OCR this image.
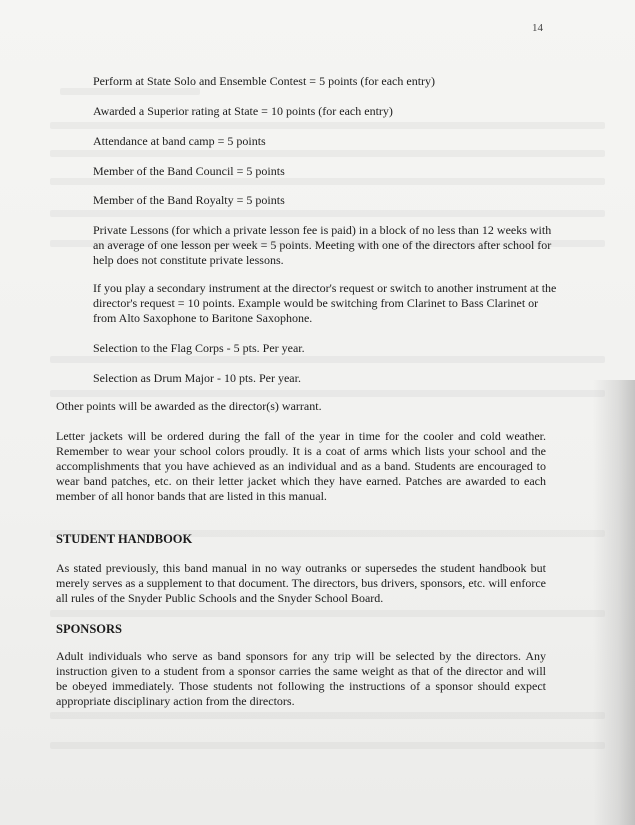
14
Perform at State Solo and Ensemble Contest = 5 points (for each entry)
Awarded a Superior rating at State = 10 points (for each entry)
Attendance at band camp = 5 points
Member of the Band Council = 5 points
Member of the Band Royalty = 5 points
Private Lessons (for which a private lesson fee is paid) in a block of no less than 12 weeks with an average of one lesson per week = 5 points. Meeting with one of the directors after school for help does not constitute private lessons.
If you play a secondary instrument at the director's request or switch to another instrument at the director's request = 10 points. Example would be switching from Clarinet to Bass Clarinet or from Alto Saxophone to Baritone Saxophone.
Selection to the Flag Corps - 5 pts. Per year.
Selection as Drum Major - 10 pts. Per year.
Other points will be awarded as the director(s) warrant.
Letter jackets will be ordered during the fall of the year in time for the cooler and cold weather. Remember to wear your school colors proudly. It is a coat of arms which lists your school and the accomplishments that you have achieved as an individual and as a band. Students are encouraged to wear band patches, etc. on their letter jacket which they have earned. Patches are awarded to each member of all honor bands that are listed in this manual.
STUDENT HANDBOOK
As stated previously, this band manual in no way outranks or supersedes the student handbook but merely serves as a supplement to that document. The directors, bus drivers, sponsors, etc. will enforce all rules of the Snyder Public Schools and the Snyder School Board.
SPONSORS
Adult individuals who serve as band sponsors for any trip will be selected by the directors. Any instruction given to a student from a sponsor carries the same weight as that of the director and will be obeyed immediately. Those students not following the instructions of a sponsor should expect appropriate disciplinary action from the directors.
